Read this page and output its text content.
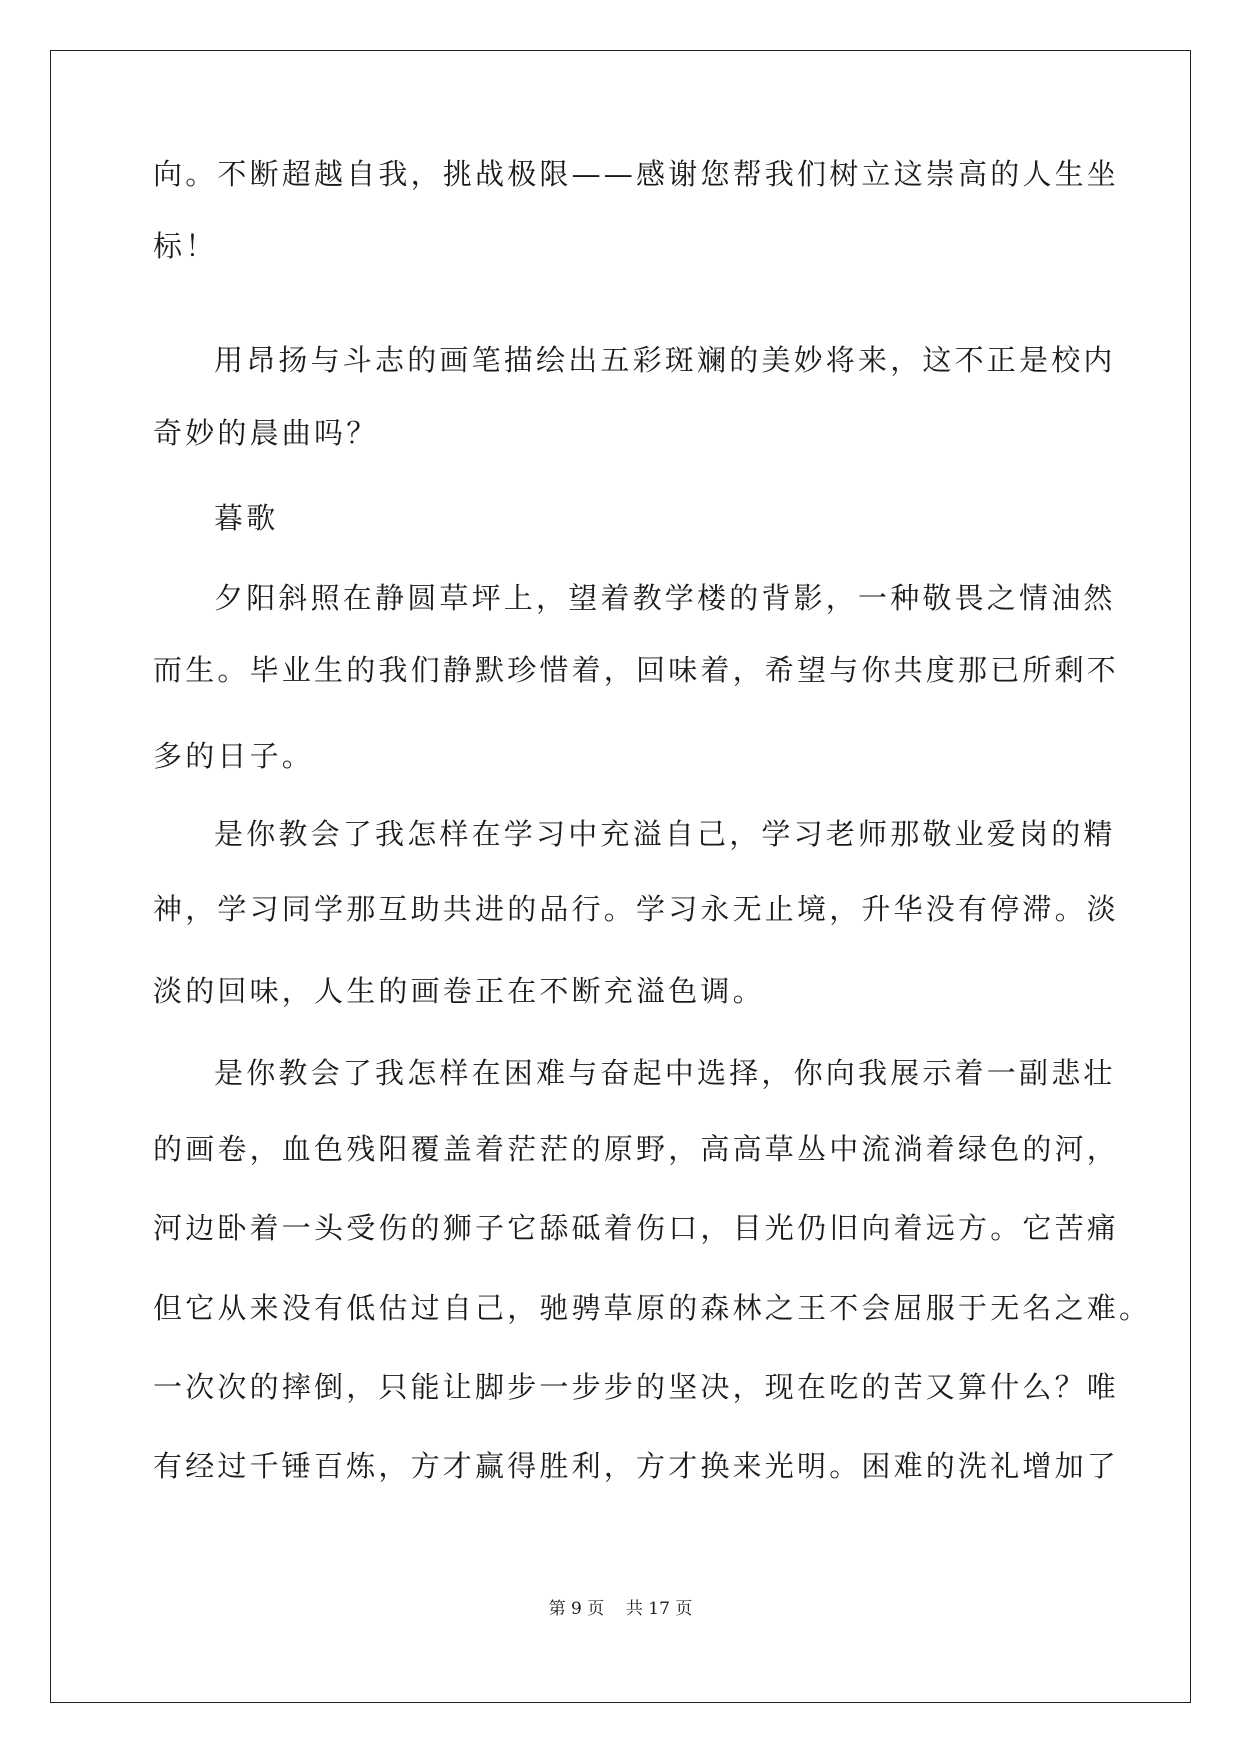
向。不断超越自我，挑战极限——感谢您帮我们树立这崇高的人生坐
标！
用昂扬与斗志的画笔描绘出五彩斑斓的美妙将来，这不正是校内
奇妙的晨曲吗？
暮歌
夕阳斜照在静圆草坪上，望着教学楼的背影，一种敬畏之情油然
而生。毕业生的我们静默珍惜着，回味着，希望与你共度那已所剩不
多的日子。
是你教会了我怎样在学习中充溢自己，学习老师那敬业爱岗的精
神，学习同学那互助共进的品行。学习永无止境，升华没有停滞。淡
淡的回味，人生的画卷正在不断充溢色调。
是你教会了我怎样在困难与奋起中选择，你向我展示着一副悲壮
的画卷，血色残阳覆盖着茫茫的原野，高高草丛中流淌着绿色的河，
河边卧着一头受伤的狮子它舔砥着伤口，目光仍旧向着远方。它苦痛
但它从来没有低估过自己，驰骋草原的森林之王不会屈服于无名之难。
一次次的摔倒，只能让脚步一步步的坚决，现在吃的苦又算什么？唯
有经过千锤百炼，方才赢得胜利，方才换来光明。困难的洗礼增加了
第 9 页    共 17 页
